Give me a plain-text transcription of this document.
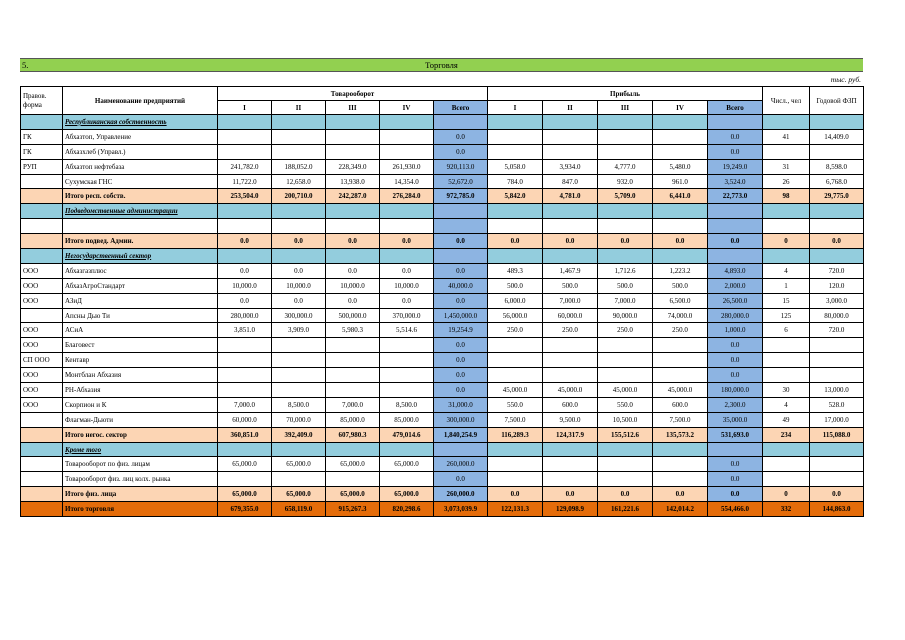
5.	Торговля
тыс. руб.
Правов. форма	Наименование предприятий	Товарооборот					Прибыль					Числ., чел	Годовой ФЗП
		I	II	III	IV	Всего	I	II	III	IV	Всего		
	Республиканская собственность												
ГК	Абхазтоп, Управление					0.0					0.0	41	14,409.0
ГК	Абхазхлеб (Управл.)					0.0					0.0		
РУП	Абхазтоп нефтебаза	241,782.0	188,052.0	228,349.0	261,930.0	920,113.0	5,058.0	3,934.0	4,777.0	5,480.0	19,249.0	31	8,598.0
	Сухумская ГНС	11,722.0	12,658.0	13,938.0	14,354.0	52,672.0	784.0	847.0	932.0	961.0	3,524.0	26	6,768.0
	Итого респ. собств.	253,504.0	200,710.0	242,287.0	276,284.0	972,785.0	5,842.0	4,781.0	5,709.0	6,441.0	22,773.0	98	29,775.0
	Подведомственные администрации												

	Итого подвед. Админ.	0.0	0.0	0.0	0.0	0.0	0.0	0.0	0.0	0.0	0.0	0	0.0
	Негосударственный сектор												
ООО	Абхазгазплюс	0.0	0.0	0.0	0.0	0.0	489.3	1,467.9	1,712.6	1,223.2	4,893.0	4	720.0
ООО	АбхазАгроСтандарт	10,000.0	10,000.0	10,000.0	10,000.0	40,000.0	500.0	500.0	500.0	500.0	2,000.0	1	120.0
ООО	АЗиД	0.0	0.0	0.0	0.0	0.0	6,000.0	7,000.0	7,000.0	6,500.0	26,500.0	15	3,000.0
	Апсны Дью Ти	280,000.0	300,000.0	500,000.0	370,000.0	1,450,000.0	56,000.0	60,000.0	90,000.0	74,000.0	280,000.0	125	80,000.0
ООО	АСиА	3,851.0	3,909.0	5,980.3	5,514.6	19,254.9	250.0	250.0	250.0	250.0	1,000.0	6	720.0
ООО	Благовест					0.0					0.0		
СП ООО	Кентавр					0.0					0.0		
ООО	Монтблан Абхазия					0.0					0.0		
ООО	РН-Абхазия					0.0	45,000.0	45,000.0	45,000.0	45,000.0	180,000.0	30	13,000.0
ООО	Скорпион и К	7,000.0	8,500.0	7,000.0	8,500.0	31,000.0	550.0	600.0	550.0	600.0	2,300.0	4	528.0
	Флагман-Дьюти	60,000.0	70,000.0	85,000.0	85,000.0	300,000.0	7,500.0	9,500.0	10,500.0	7,500.0	35,000.0	49	17,000.0
	Итого негос. сектор	360,851.0	392,409.0	607,980.3	479,014.6	1,840,254.9	116,289.3	124,317.9	155,512.6	135,573.2	531,693.0	234	115,088.0
	Кроме того												
	Товарооборот по физ. лицам	65,000.0	65,000.0	65,000.0	65,000.0	260,000.0					0.0		
	Товарооборот физ. лиц колх. рынка					0.0					0.0		
	Итого физ. лица	65,000.0	65,000.0	65,000.0	65,000.0	260,000.0	0.0	0.0	0.0	0.0	0.0	0	0.0
	Итого торговля	679,355.0	658,119.0	915,267.3	820,298.6	3,073,039.9	122,131.3	129,098.9	161,221.6	142,014.2	554,466.0	332	144,863.0
